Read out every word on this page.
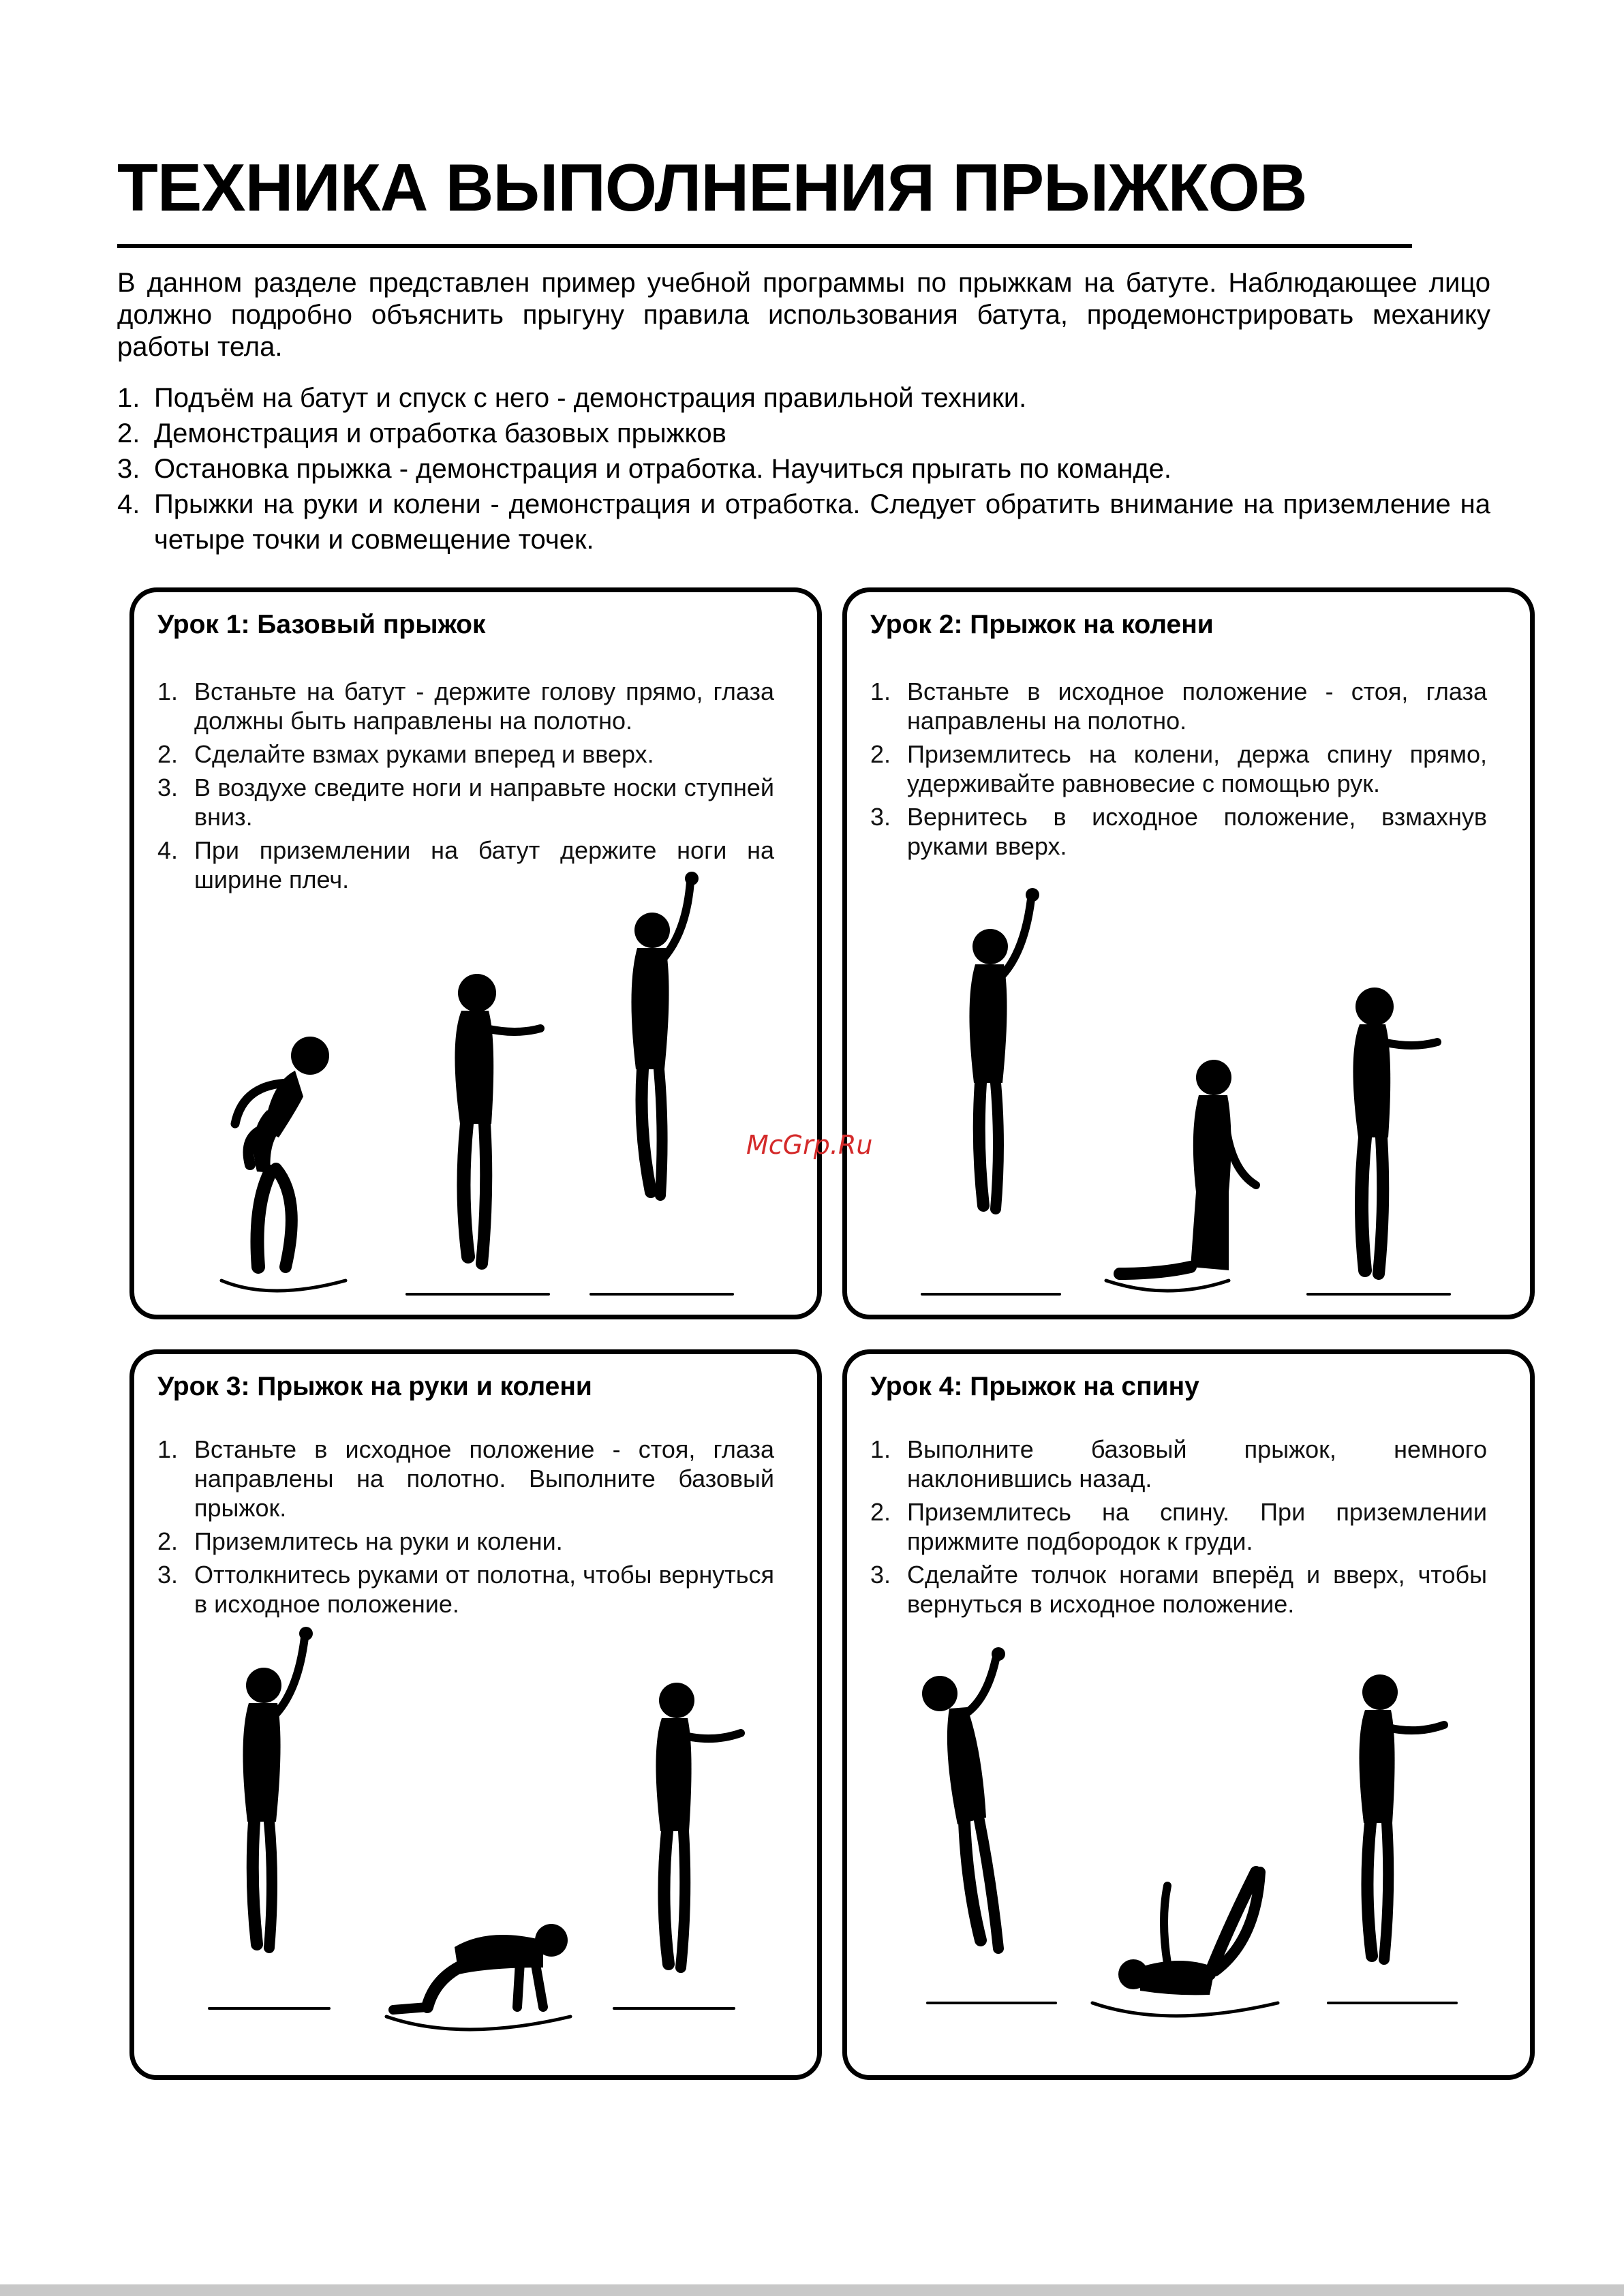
ТЕХНИКА ВЫПОЛНЕНИЯ ПРЫЖКОВ

В данном разделе представлен пример учебной программы по прыжкам на батуте. Наблюдающее лицо должно подробно объяснить прыгуну правила использования батута, продемонстрировать механику работы тела.

1. Подъём на батут и спуск с него - демонстрация правильной техники.
2. Демонстрация и отработка базовых прыжков
3. Остановка прыжка - демонстрация и отработка. Научиться прыгать по команде.
4. Прыжки на руки и колени - демонстрация и отработка. Следует обратить внимание на приземление на четыре точки и совмещение точек.
Урок 1: Базовый прыжок
1. Встаньте на батут - держите голову прямо, глаза должны быть направлены на полотно.
2. Сделайте взмах руками вперед и вверх.
3. В воздухе сведите ноги и направьте носки ступней вниз.
4. При приземлении на батут держите ноги на ширине плеч.
Урок 2: Прыжок на колени
1. Встаньте в исходное положение - стоя, глаза направлены на полотно.
2. Приземлитесь на колени, держа спину прямо, удерживайте равновесие с помощью рук.
3. Вернитесь в исходное положение, взмахнув руками вверх.
Урок 3: Прыжок на руки и колени
1. Встаньте в исходное положение - стоя, глаза направлены на полотно. Выполните базовый прыжок.
2. Приземлитесь на руки и колени.
3. Оттолкнитесь руками от полотна, чтобы вернуться в исходное положение.
Урок 4: Прыжок на спину
1. Выполните базовый прыжок, немного наклонившись назад.
2. Приземлитесь на спину. При приземлении прижмите подбородок к груди.
3. Сделайте толчок ногами вперёд и вверх, чтобы вернуться в исходное положение.
McGrp.Ru
